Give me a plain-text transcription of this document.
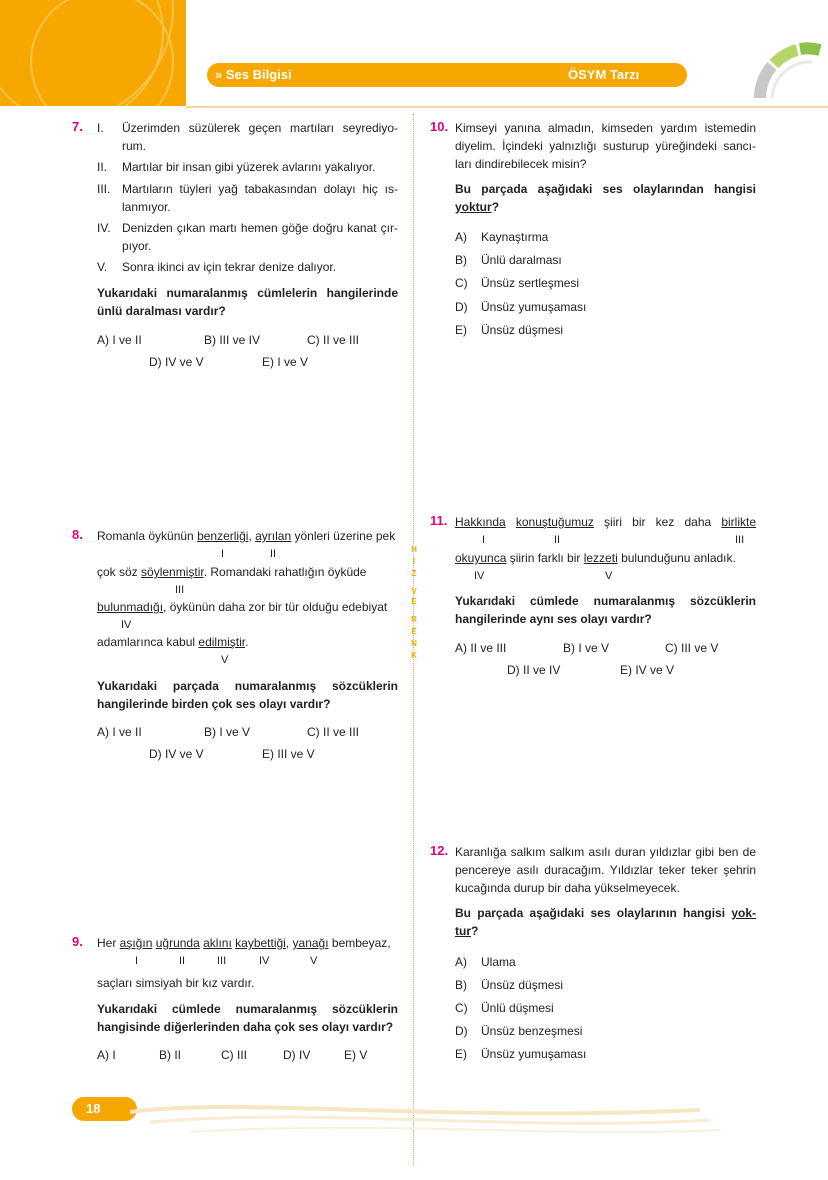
» Ses Bilgisi	ÖSYM Tarzı
H
I
Z
V
E
R
E
N
K
7. I. Üzerimden süzülerek geçen martıları seyrediyo-
rum.
II. Martılar bir insan gibi yüzerek avlarını yakalıyor.
III. Martıların tüyleri yağ tabakasından dolayı hiç ıs-
lanmıyor.
IV. Denizden çıkan martı hemen göğe doğru kanat çır-
pıyor.
V. Sonra ikinci av için tekrar denize dalıyor.
Yukarıdaki numaralanmış cümlelerin hangilerinde
ünlü daralması vardır?
A) I ve II	B) III ve IV	C) II ve III
D) IV ve V	E) I ve V
8. Romanla öykünün benzerliği, ayrılan yönleri üzerine pek
I	II
çok söz söylenmiştir. Romandaki rahatlığın öyküde
III
bulunmadığı, öykünün daha zor bir tür olduğu edebiyat
IV
adamlarınca kabul edilmiştir.
V
Yukarıdaki parçada numaralanmış sözcüklerin
hangilerinde birden çok ses olayı vardır?
A) I ve II	B) I ve V	C) II ve III
D) IV ve V	E) III ve V
9. Her aşığın uğrunda aklını kaybettiği, yanağı bembeyaz,
I	II	III	IV	V
saçları simsiyah bir kız vardır.
Yukarıdaki cümlede numaralanmış sözcüklerin
hangisinde diğerlerinden daha çok ses olayı vardır?
A) I	B) II	C) III	D) IV	E) V
10. Kimseyi yanına almadın, kimseden yardım istemedin
diyelim. İçindeki yalnızlığı susturup yüreğindeki sancı-
ları dindirebilecek misin?
Bu parçada aşağıdaki ses olaylarından hangisi
yoktur?
A) Kaynaştırma
B) Ünlü daralması
C) Ünsüz sertleşmesi
D) Ünsüz yumuşaması
E) Ünsüz düşmesi
11. Hakkında konuştuğumuz şiiri bir kez daha birlikte
I	II	III
okuyunca şiirin farklı bir lezzeti bulunduğunu anladık.
IV	V
Yukarıdaki cümlede numaralanmış sözcüklerin
hangilerinde aynı ses olayı vardır?
A) II ve III	B) I ve V	C) III ve V
D) II ve IV	E) IV ve V
12. Karanlığa salkım salkım asılı duran yıldızlar gibi ben de
pencereye asılı duracağım. Yıldızlar teker teker şehrin
kucağında durup bir daha yükselmeyecek.
Bu parçada aşağıdaki ses olaylarının hangisi yok-
tur?
A) Ulama
B) Ünsüz düşmesi
C) Ünlü düşmesi
D) Ünsüz benzeşmesi
E) Ünsüz yumuşaması
18
